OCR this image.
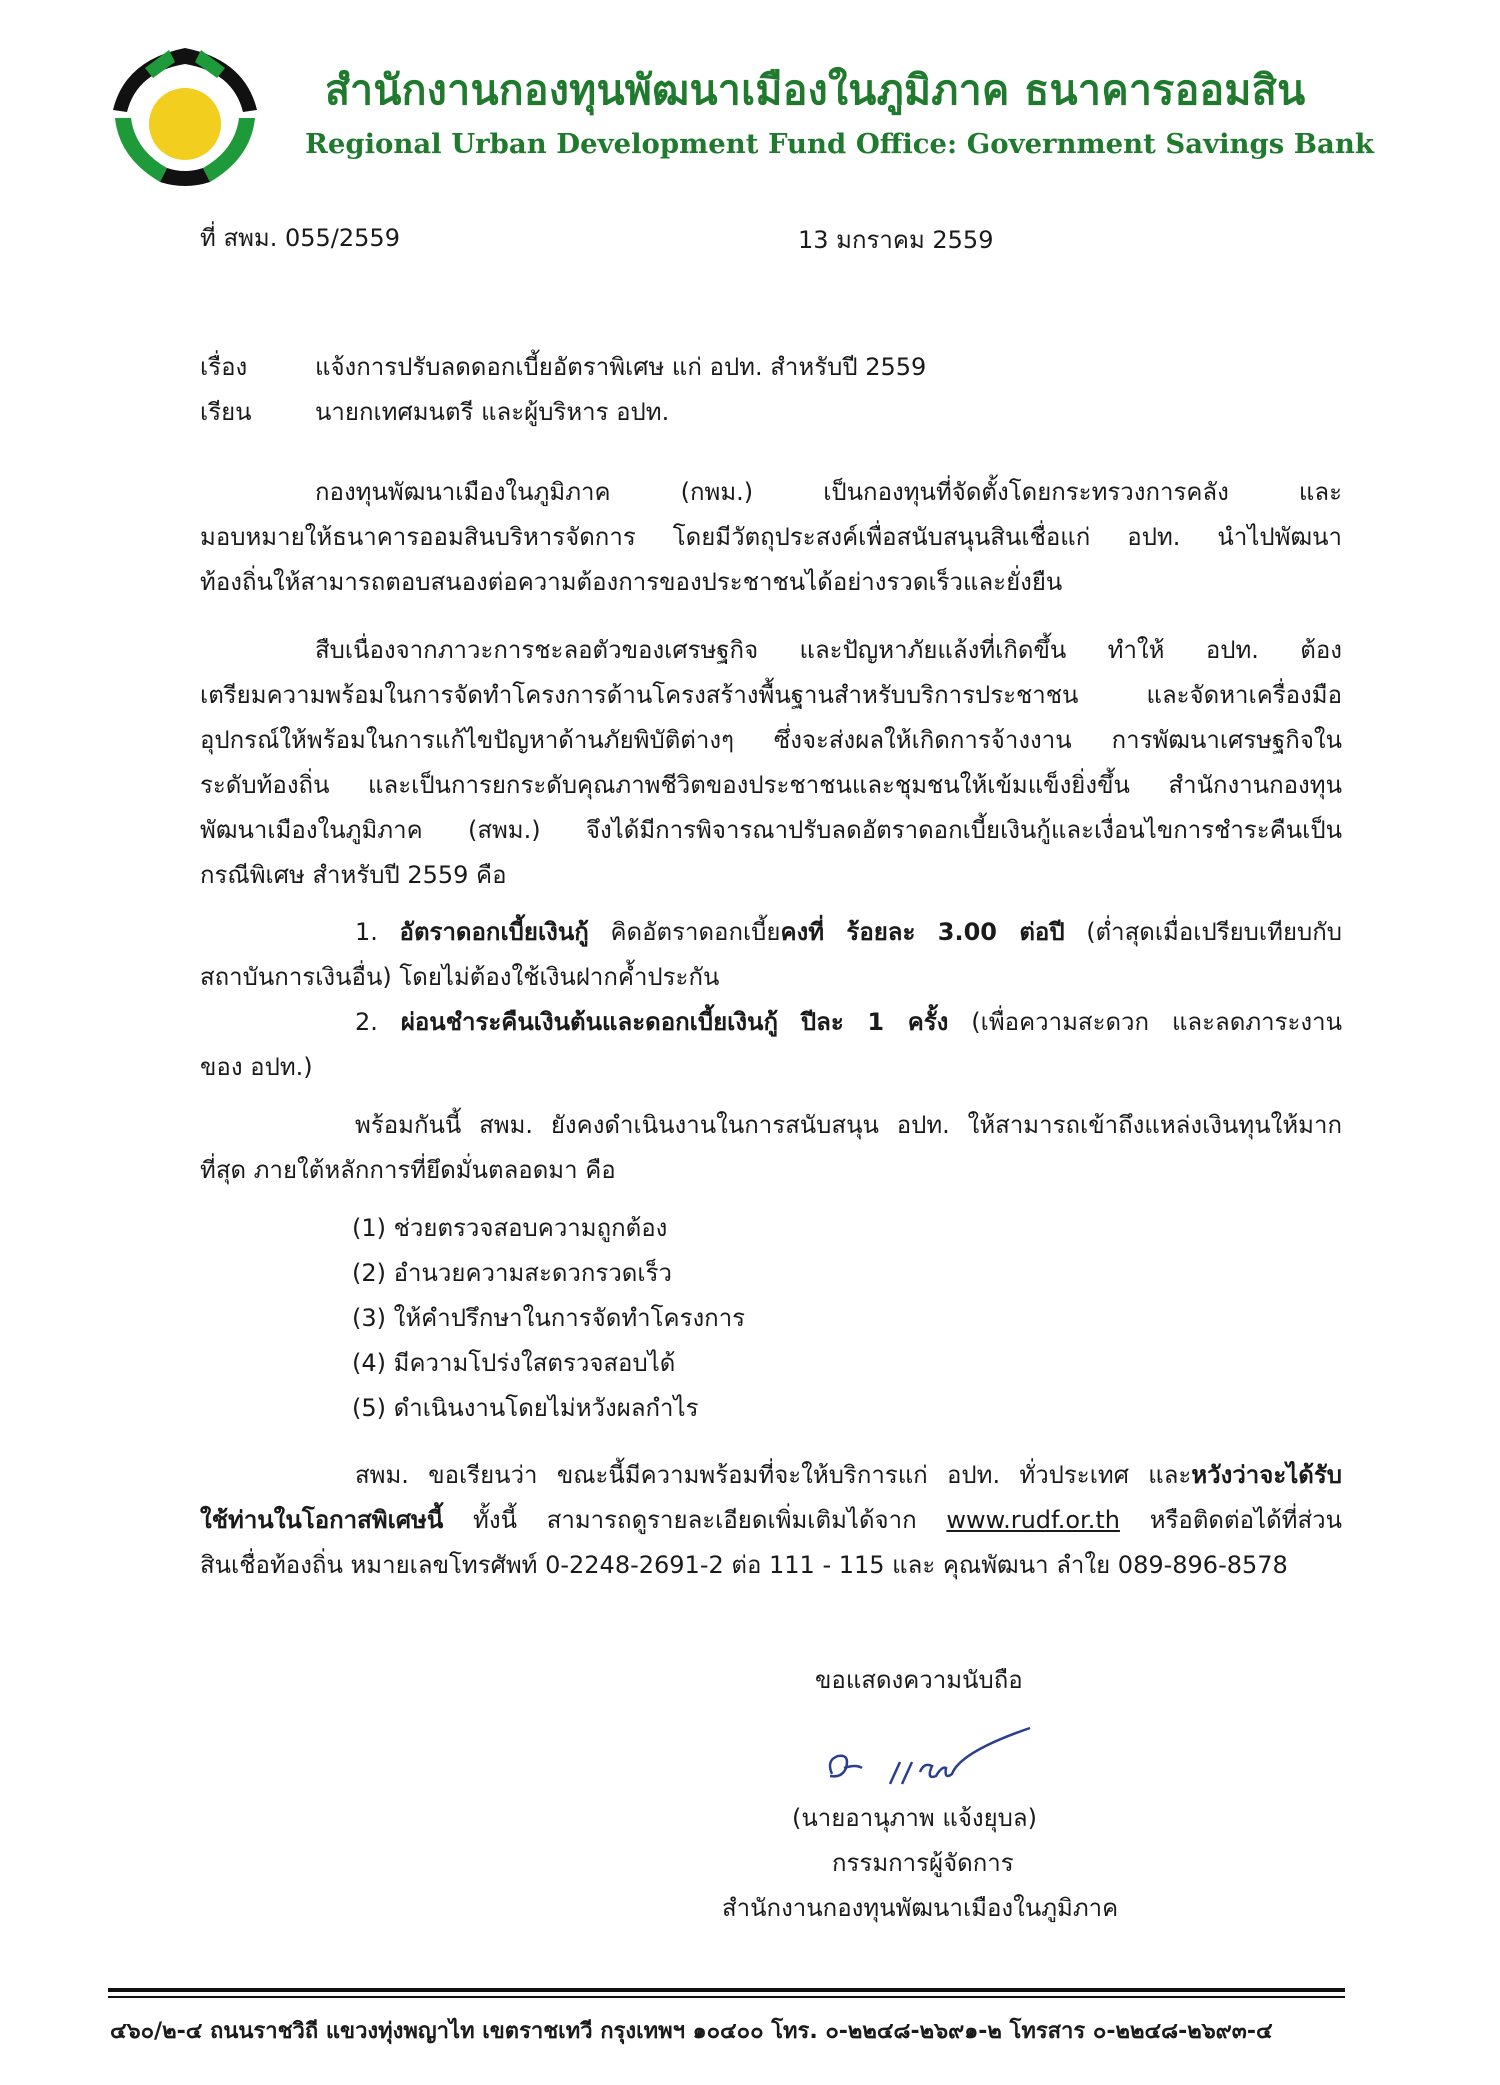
สำนักงานกองทุนพัฒนาเมืองในภูมิภาค ธนาคารออมสิน
Regional Urban Development Fund Office: Government Savings Bank
ที่ สพม. 055/2559	13 มกราคม 2559
เรื่อง	แจ้งการปรับลดดอกเบี้ยอัตราพิเศษ แก่ อปท. สำหรับปี 2559
เรียน	นายกเทศมนตรี และผู้บริหาร อปท.
กองทุนพัฒนาเมืองในภูมิภาค (กพม.) เป็นกองทุนที่จัดตั้งโดยกระทรวงการคลัง และ
มอบหมายให้ธนาคารออมสินบริหารจัดการ โดยมีวัตถุประสงค์เพื่อสนับสนุนสินเชื่อแก่ อปท. นำไปพัฒนา
ท้องถิ่นให้สามารถตอบสนองต่อความต้องการของประชาชนได้อย่างรวดเร็วและยั่งยืน
สืบเนื่องจากภาวะการชะลอตัวของเศรษฐกิจ และปัญหาภัยแล้งที่เกิดขึ้น ทำให้ อปท. ต้อง
เตรียมความพร้อมในการจัดทำโครงการด้านโครงสร้างพื้นฐานสำหรับบริการประชาชน และจัดหาเครื่องมือ
อุปกรณ์ให้พร้อมในการแก้ไขปัญหาด้านภัยพิบัติต่างๆ ซึ่งจะส่งผลให้เกิดการจ้างงาน การพัฒนาเศรษฐกิจใน
ระดับท้องถิ่น และเป็นการยกระดับคุณภาพชีวิตของประชาชนและชุมชนให้เข้มแข็งยิ่งขึ้น สำนักงานกองทุน
พัฒนาเมืองในภูมิภาค (สพม.) จึงได้มีการพิจารณาปรับลดอัตราดอกเบี้ยเงินกู้และเงื่อนไขการชำระคืนเป็น
กรณีพิเศษ สำหรับปี 2559 คือ
1. อัตราดอกเบี้ยเงินกู้ คิดอัตราดอกเบี้ยคงที่ ร้อยละ 3.00 ต่อปี (ต่ำสุดเมื่อเปรียบเทียบกับ
สถาบันการเงินอื่น) โดยไม่ต้องใช้เงินฝากค้ำประกัน
2. ผ่อนชำระคืนเงินต้นและดอกเบี้ยเงินกู้ ปีละ 1 ครั้ง (เพื่อความสะดวก และลดภาระงาน
ของ อปท.)
พร้อมกันนี้ สพม. ยังคงดำเนินงานในการสนับสนุน อปท. ให้สามารถเข้าถึงแหล่งเงินทุนให้มาก
ที่สุด ภายใต้หลักการที่ยึดมั่นตลอดมา คือ
(1) ช่วยตรวจสอบความถูกต้อง
(2) อำนวยความสะดวกรวดเร็ว
(3) ให้คำปรึกษาในการจัดทำโครงการ
(4) มีความโปร่งใสตรวจสอบได้
(5) ดำเนินงานโดยไม่หวังผลกำไร
สพม. ขอเรียนว่า ขณะนี้มีความพร้อมที่จะให้บริการแก่ อปท. ทั่วประเทศ และหวังว่าจะได้รับ
ใช้ท่านในโอกาสพิเศษนี้ ทั้งนี้ สามารถดูรายละเอียดเพิ่มเติมได้จาก www.rudf.or.th หรือติดต่อได้ที่ส่วน
สินเชื่อท้องถิ่น หมายเลขโทรศัพท์ 0-2248-2691-2 ต่อ 111 - 115 และ คุณพัฒนา ลำใย 089-896-8578
ขอแสดงความนับถือ
(นายอานุภาพ แจ้งยุบล)
กรรมการผู้จัดการ
สำนักงานกองทุนพัฒนาเมืองในภูมิภาค
๔๖๐/๒-๔ ถนนราชวิถี แขวงทุ่งพญาไท เขตราชเทวี กรุงเทพฯ ๑๐๔๐๐ โทร. ๐-๒๒๔๘-๒๖๙๑-๒ โทรสาร ๐-๒๒๔๘-๒๖๙๓-๔
